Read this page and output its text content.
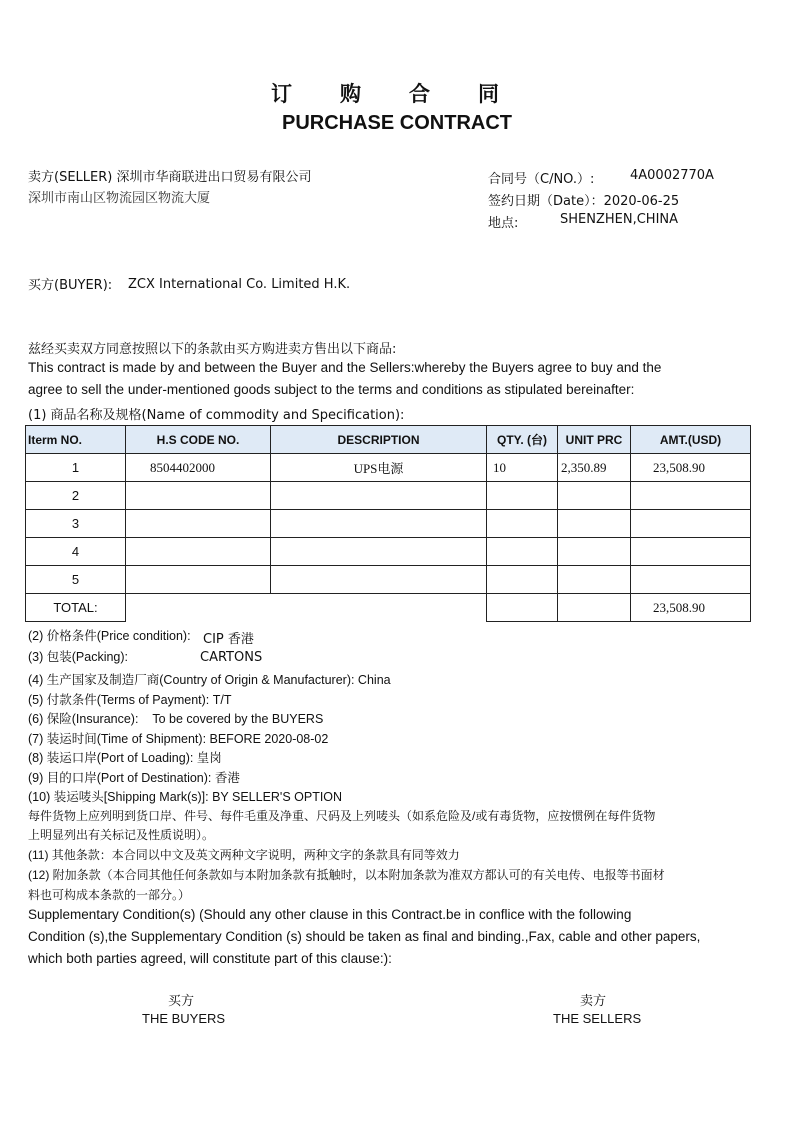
订购合同
PURCHASE CONTRACT
卖方(SELLER) 深圳市华商联进出口贸易有限公司
深圳市南山区物流园区物流大厦
合同号（C/NO.）:	4A0002770A
签约日期（Date）：2020-06-25
地点:	SHENZHEN,CHINA
买方(BUYER): ZCX International Co. Limited H.K.
兹经买卖双方同意按照以下的条款由买方购进卖方售出以下商品:
This contract is made by and between the Buyer and the Sellers:whereby the Buyers agree to buy and the
agree to sell the under-mentioned goods subject to the terms and conditions as stipulated bereinafter:
(1) 商品名称及规格(Name of commodity and Specification):
Iterm NO.	H.S CODE NO.	DESCRIPTION	QTY. (台)	UNIT PRC	AMT.(USD)
1	8504402000	UPS电源	10	2,350.89	23,508.90
2					
3					
4					
5					
TOTAL:					23,508.90
(2) 价格条件(Price condition): CIP 香港
(3) 包装(Packing):	CARTONS
(4) 生产国家及制造厂商(Country of Origin & Manufacturer): China
(5) 付款条件(Terms of Payment): T/T
(6) 保险(Insurance): To be covered by the BUYERS
(7) 装运时间(Time of Shipment): BEFORE 2020-08-02
(8) 装运口岸(Port of Loading): 皇岗
(9) 目的口岸(Port of Destination): 香港
(10) 装运唛头[Shipping Mark(s)]: BY SELLER'S OPTION
每件货物上应列明到货口岸、件号、每件毛重及净重、尺码及上列唛头（如系危险及/或有毒货物，应按惯例在每件货物
上明显列出有关标记及性质说明）。
(11) 其他条款：本合同以中文及英文两种文字说明，两种文字的条款具有同等效力
(12) 附加条款（本合同其他任何条款如与本附加条款有抵触时，以本附加条款为准双方都认可的有关电传、电报等书面材
料也可构成本条款的一部分。）
Supplementary Condition(s) (Should any other clause in this Contract.be in conflice with the following
Condition (s),the Supplementary Condition (s) should be taken as final and binding.,Fax, cable and other papers,
which both parties agreed, will constitute part of this clause:):
买方
THE BUYERS
卖方
THE SELLERS
